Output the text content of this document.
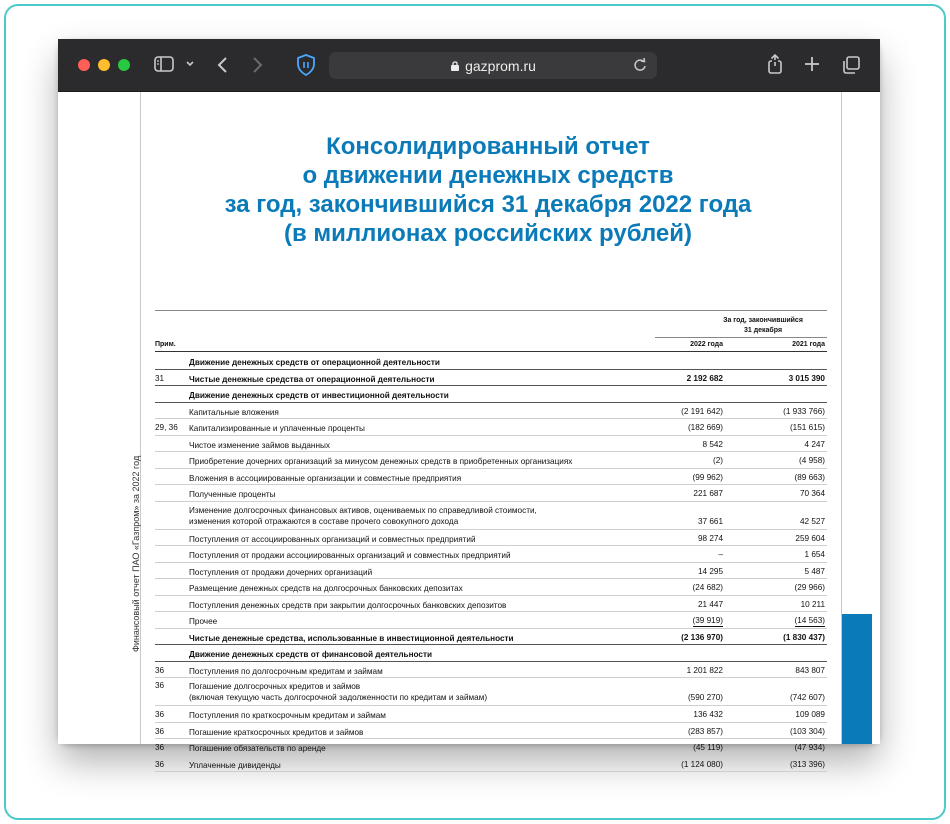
gazprom.ru
Финансовый отчет ПАО «Газпром» за 2022 год
Консолидированный отчет
о движении денежных средств
за год, закончившийся 31 декабря 2022 года
(в миллионах российских рублей)
За год, закончившийся
31 декабря
Прим.	2022 года	2021 года
Движение денежных средств от операционной деятельности
31	Чистые денежные средства от операционной деятельности	2 192 682	3 015 390
Движение денежных средств от инвестиционной деятельности
Капитальные вложения	(2 191 642)	(1 933 766)
29, 36 Капитализированные и уплаченные проценты	(182 669)	(151 615)
Чистое изменение займов выданных	8 542	4 247
Приобретение дочерних организаций за минусом денежных средств в приобретенных организациях	(2)	(4 958)
Вложения в ассоциированные организации и совместные предприятия	(99 962)	(89 663)
Полученные проценты	221 687	70 364
Изменение долгосрочных финансовых активов, оцениваемых по справедливой стоимости,
изменения которой отражаются в составе прочего совокупного дохода	37 661	42 527
Поступления от ассоциированных организаций и совместных предприятий	98 274	259 604
Поступления от продажи ассоциированных организаций и совместных предприятий	–	1 654
Поступления от продажи дочерних организаций	14 295	5 487
Размещение денежных средств на долгосрочных банковских депозитах	(24 682)	(29 966)
Поступления денежных средств при закрытии долгосрочных банковских депозитов	21 447	10 211
Прочее	(39 919)	(14 563)
Чистые денежные средства, использованные в инвестиционной деятельности	(2 136 970)	(1 830 437)
Движение денежных средств от финансовой деятельности
36	Поступления по долгосрочным кредитам и займам	1 201 822	843 807
36	Погашение долгосрочных кредитов и займов
(включая текущую часть долгосрочной задолженности по кредитам и займам)	(590 270)	(742 607)
36	Поступления по краткосрочным кредитам и займам	136 432	109 089
36	Погашение краткосрочных кредитов и займов	(283 857)	(103 304)
36	Погашение обязательств по аренде	(45 119)	(47 934)
36	Уплаченные дивиденды	(1 124 080)	(313 396)
